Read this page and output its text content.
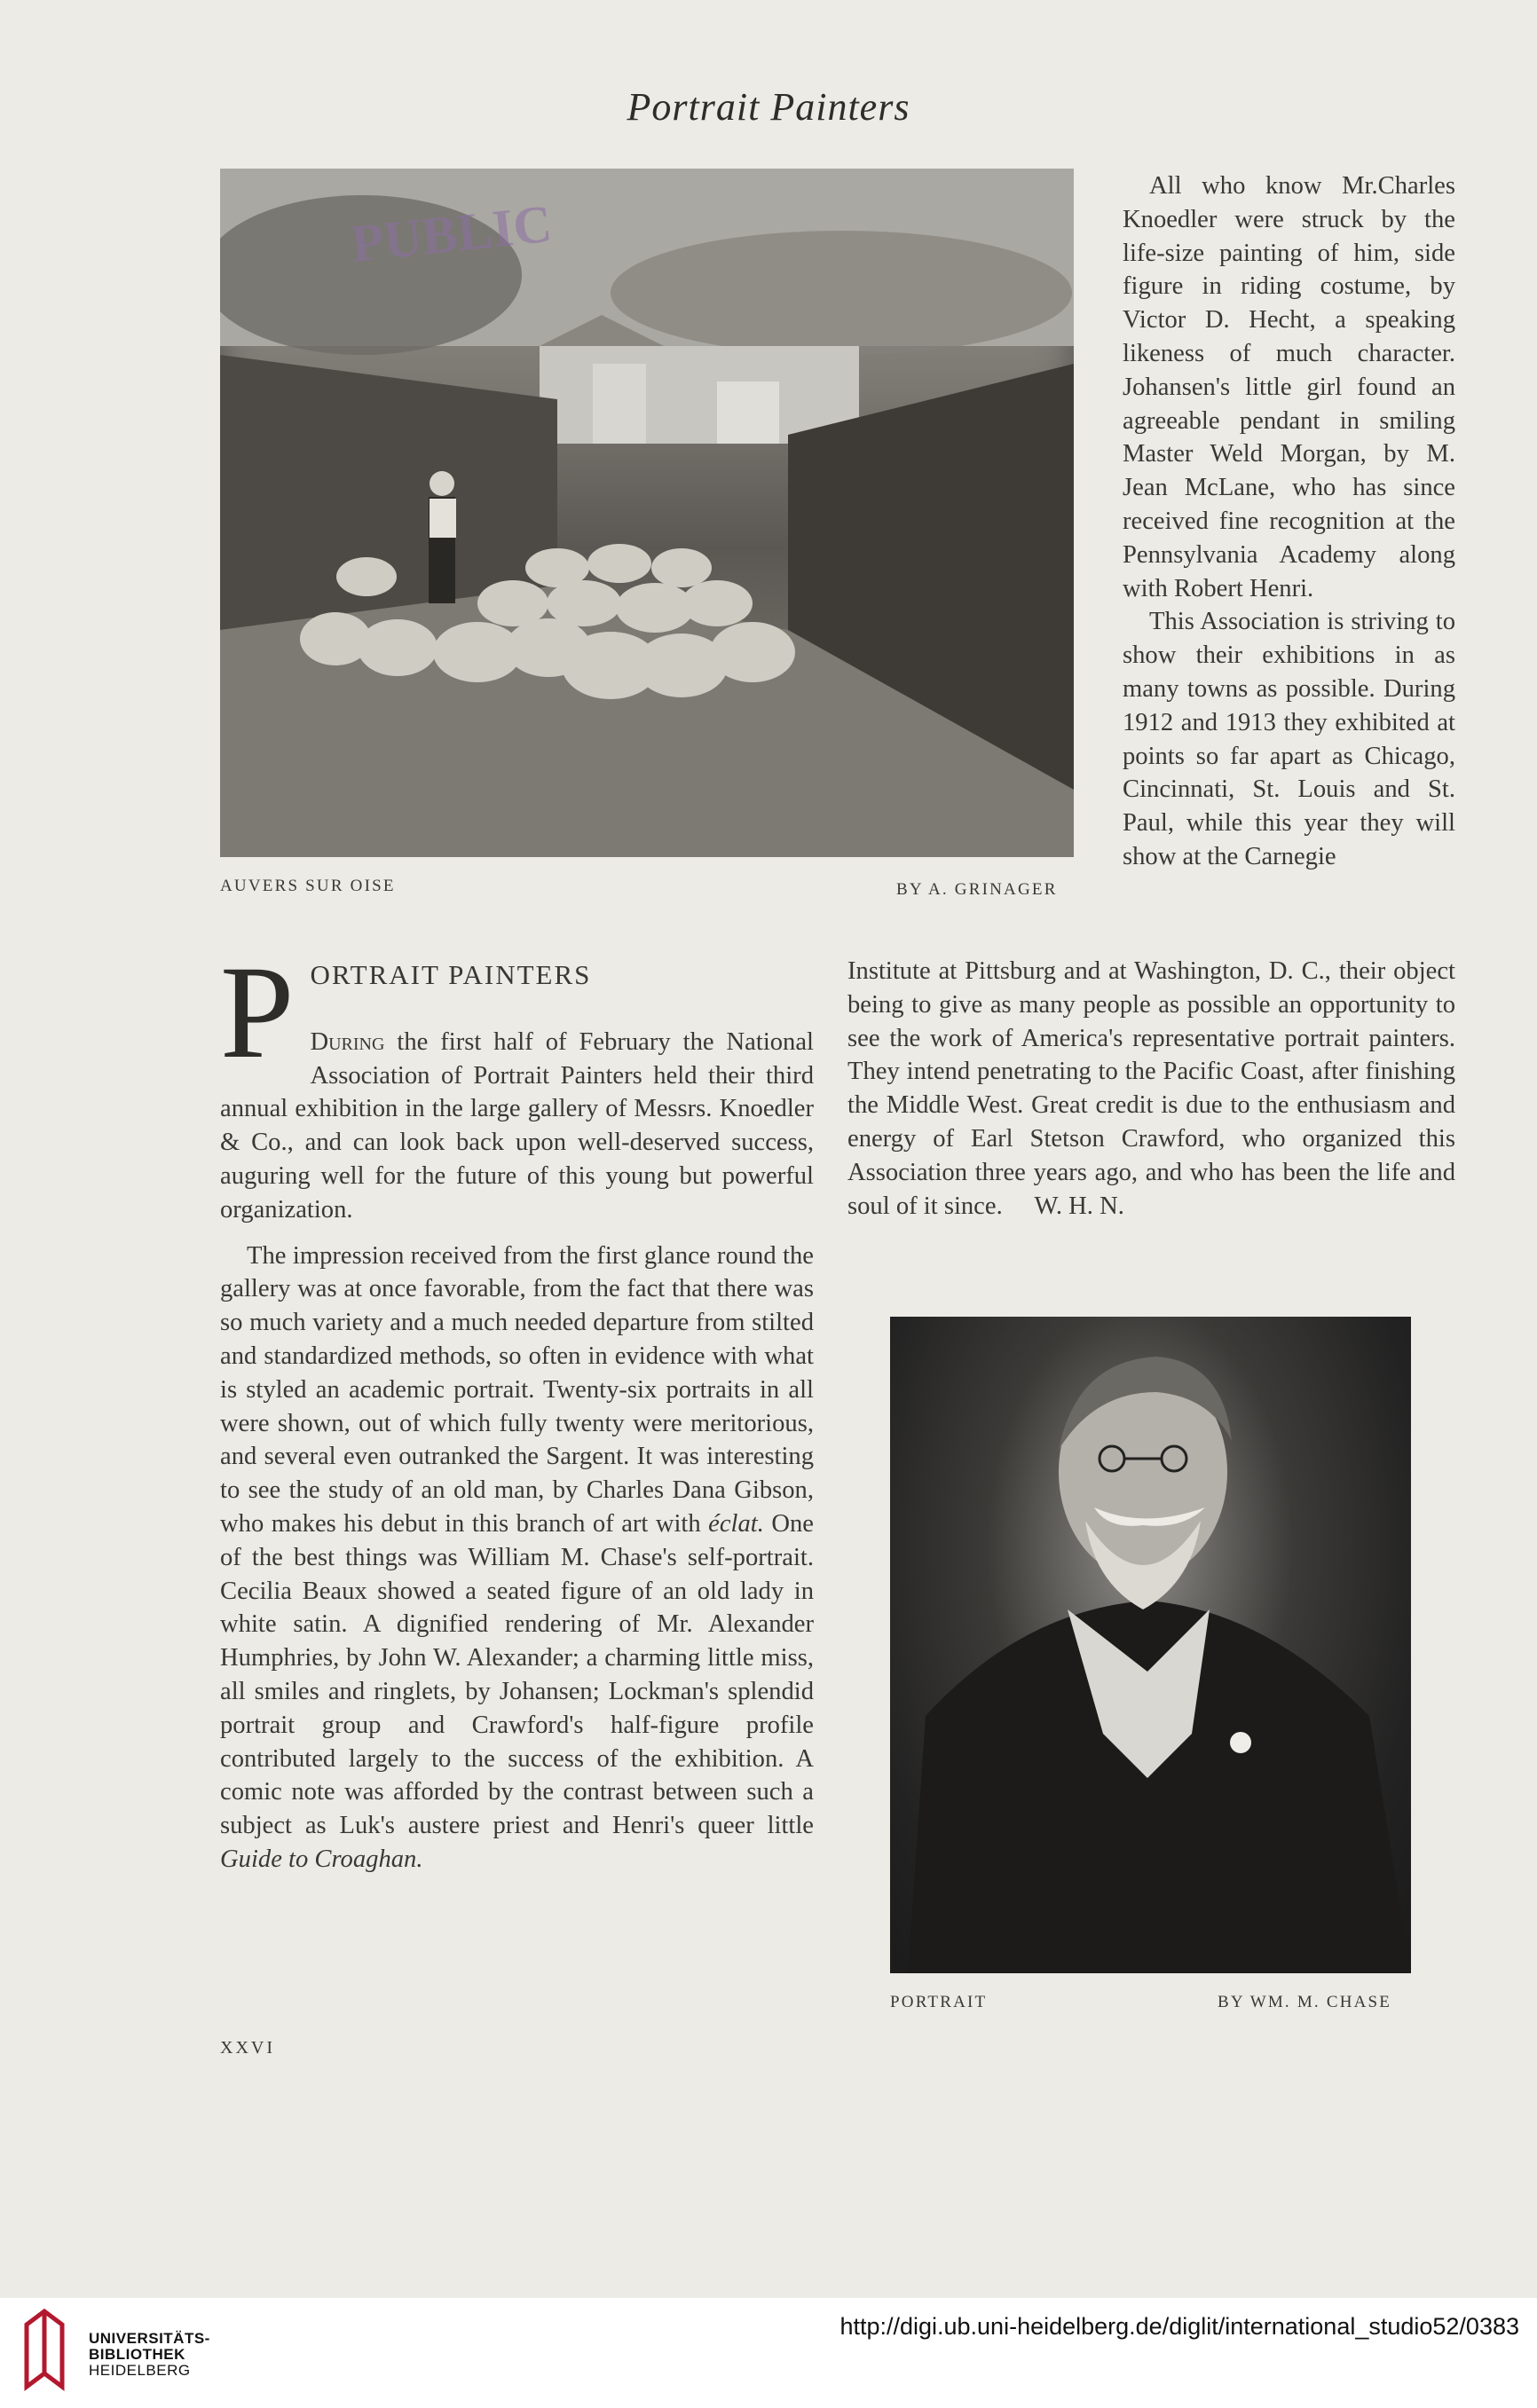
Portrait Painters
PUBLIC
AUVERS SUR OISE	BY A. GRINAGER

All who know Mr.Charles Knoedler were struck by the life-size painting of him, side figure in riding costume, by Victor D. Hecht, a speaking likeness of much character. Johansen's little girl found an agreeable pendant in smiling Master Weld Morgan, by M. Jean McLane, who has since received fine recognition at the Pennsylvania Academy along with Robert Henri.

This Association is striving to show their exhibitions in as many towns as possible. During 1912 and 1913 they exhibited at points so far apart as Chicago, Cincinnati, St. Louis and St. Paul, while this year they will show at the Carnegie

P ORTRAIT PAINTERS
During the first half of February the National Association of Portrait Painters held their third annual exhibition in the large gallery of Messrs. Knoedler & Co., and can look back upon well-deserved success, auguring well for the future of this young but powerful organization.

The impression received from the first glance round the gallery was at once favorable, from the fact that there was so much variety and a much needed departure from stilted and standardized methods, so often in evidence with what is styled an academic portrait. Twenty-six portraits in all were shown, out of which fully twenty were meritorious, and several even outranked the Sargent. It was interesting to see the study of an old man, by Charles Dana Gibson, who makes his debut in this branch of art with éclat. One of the best things was William M. Chase's self-portrait. Cecilia Beaux showed a seated figure of an old lady in white satin. A dignified rendering of Mr. Alexander Humphries, by John W. Alexander; a charming little miss, all smiles and ringlets, by Johansen; Lockman's splendid portrait group and Crawford's half-figure profile contributed largely to the success of the exhibition. A comic note was afforded by the contrast between such a subject as Luk's austere priest and Henri's queer little Guide to Croaghan.

Institute at Pittsburg and at Washington, D. C., their object being to give as many people as possible an opportunity to see the work of America's representative portrait painters. They intend penetrating to the Pacific Coast, after finishing the Middle West. Great credit is due to the enthusiasm and energy of Earl Stetson Crawford, who organized this Association three years ago, and who has been the life and soul of it since. W. H. N.

PORTRAIT	BY WM. M. CHASE
XXVI
UNIVERSITÄTS-
BIBLIOTHEK
HEIDELBERG
http://digi.ub.uni-heidelberg.de/diglit/international_studio52/0383
